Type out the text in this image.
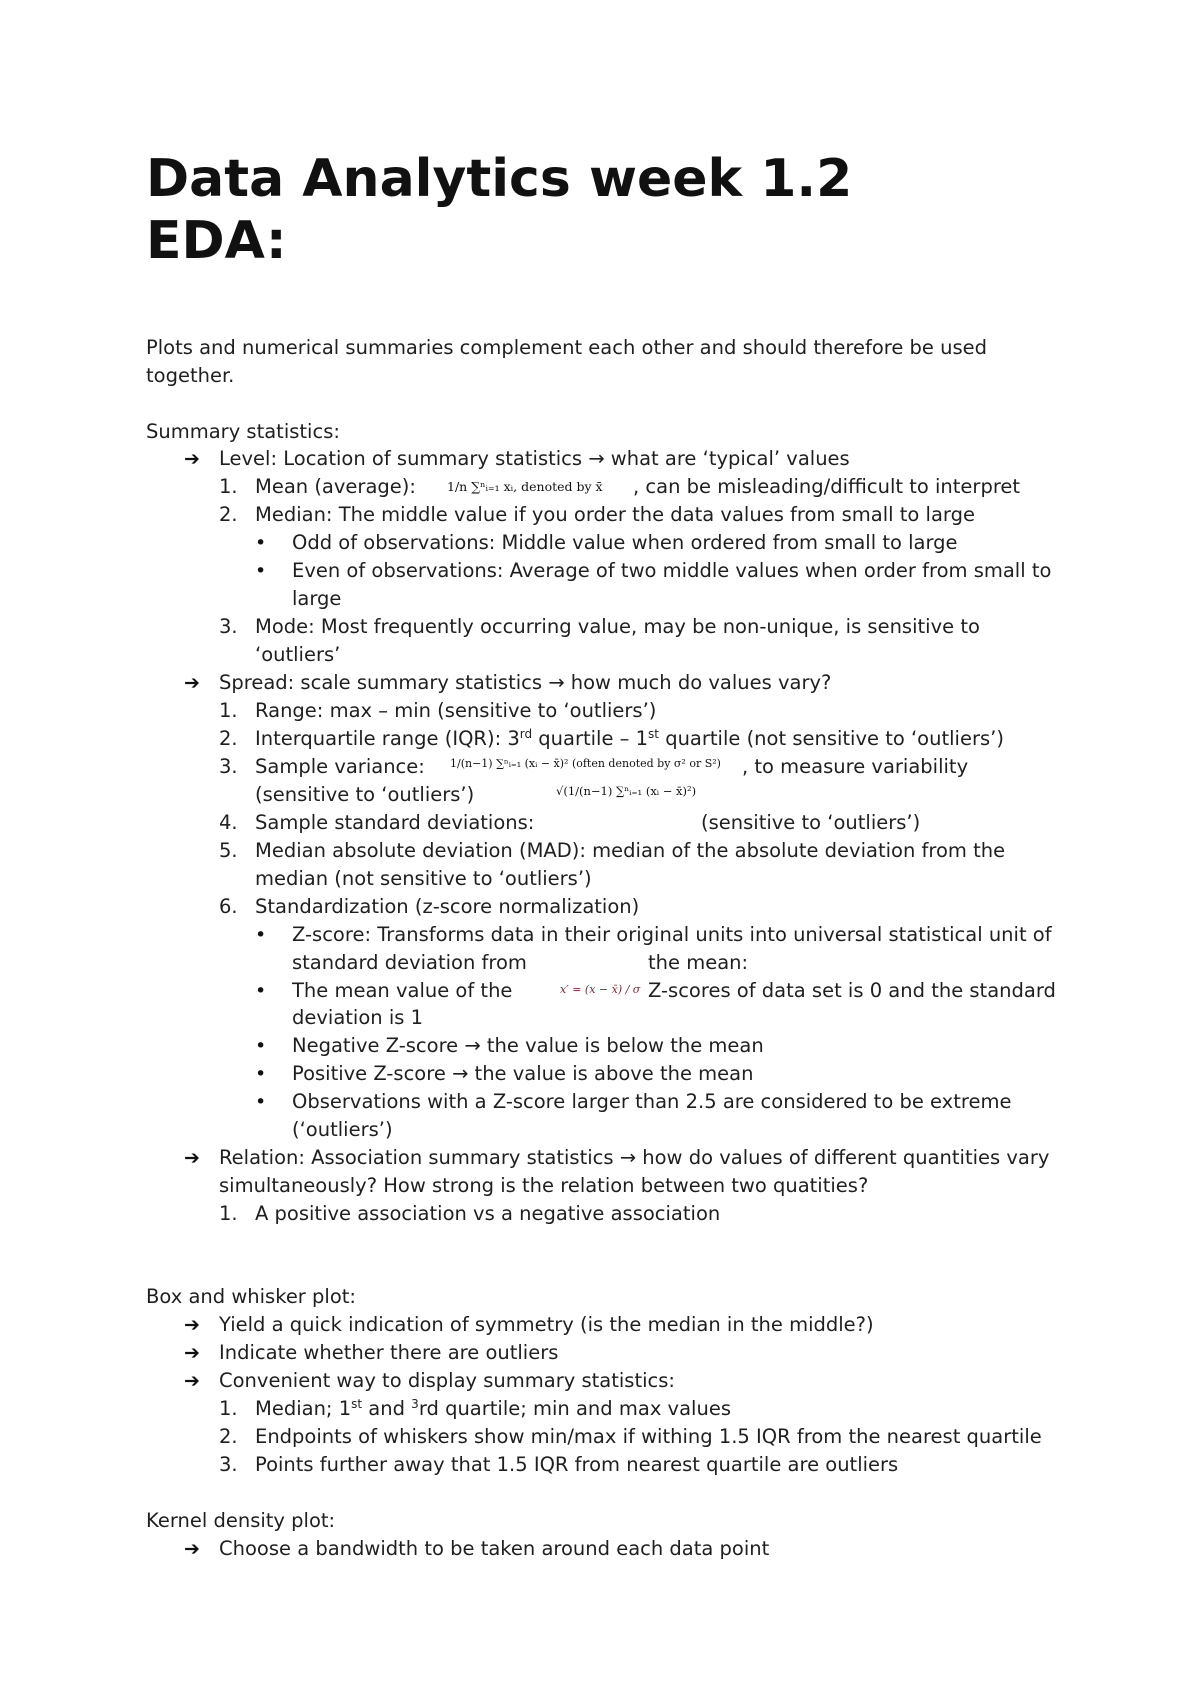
Data Analytics week 1.2
EDA:
Plots and numerical summaries complement each other and should therefore be used
together.
Summary statistics:
➔ Level: Location of summary statistics → what are ‘typical’ values
1. Mean (average): 1/n ∑ⁿᵢ₌₁ xᵢ, denoted by x̄ , can be misleading/difficult to interpret
2. Median: The middle value if you order the data values from small to large
• Odd of observations: Middle value when ordered from small to large
• Even of observations: Average of two middle values when order from small to
large
3. Mode: Most frequently occurring value, may be non-unique, is sensitive to
‘outliers’
➔ Spread: scale summary statistics → how much do values vary?
1. Range: max – min (sensitive to ‘outliers’)
2. Interquartile range (IQR): 3rd quartile – 1st quartile (not sensitive to ‘outliers’)
3. Sample variance: 1/(n−1) ∑ⁿᵢ₌₁ (xᵢ − x̄)² (often denoted by σ² or S²) , to measure variability
(sensitive to ‘outliers’)	√(1/(n−1) ∑ⁿᵢ₌₁ (xᵢ − x̄)²)
4. Sample standard deviations:	(sensitive to ‘outliers’)
5. Median absolute deviation (MAD): median of the absolute deviation from the
median (not sensitive to ‘outliers’)
6. Standardization (z-score normalization)
• Z-score: Transforms data in their original units into universal statistical unit of
standard deviation from	the mean:
• The mean value of the	x′ = (x − x̄) / σ Z-scores of data set is 0 and the standard
deviation is 1
• Negative Z-score → the value is below the mean
• Positive Z-score → the value is above the mean
• Observations with a Z-score larger than 2.5 are considered to be extreme
(‘outliers’)
➔ Relation: Association summary statistics → how do values of different quantities vary
simultaneously? How strong is the relation between two quatities?
1. A positive association vs a negative association
Box and whisker plot:
➔ Yield a quick indication of symmetry (is the median in the middle?)
➔ Indicate whether there are outliers
➔ Convenient way to display summary statistics:
1. Median; 1st and $^3$rd quartile; min and max values
2. Endpoints of whiskers show min/max if withing 1.5 IQR from the nearest quartile
3. Points further away that 1.5 IQR from nearest quartile are outliers
Kernel density plot:
➔ Choose a bandwidth to be taken around each data point
